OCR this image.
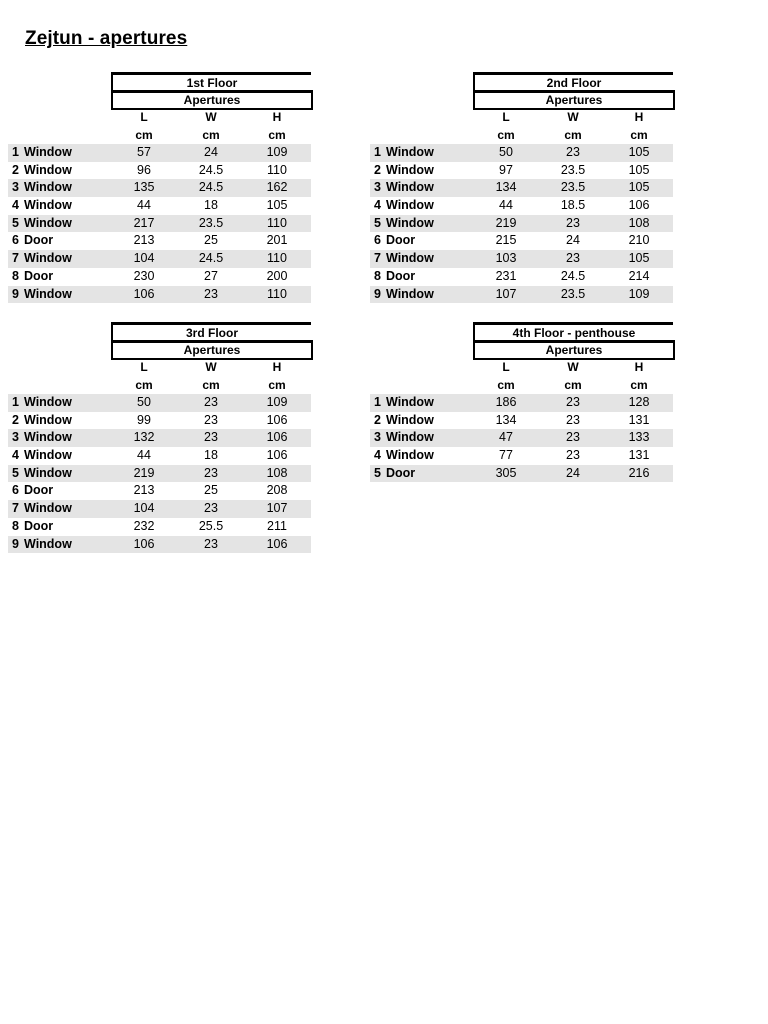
Zejtun - apertures
1st Floor
Apertures
L	W	H
cm	cm	cm
1 Window	57	24	109
2 Window	96	24.5	110
3 Window	135	24.5	162
4 Window	44	18	105
5 Window	217	23.5	110
6 Door	213	25	201
7 Window	104	24.5	110
8 Door	230	27	200
9 Window	106	23	110
2nd Floor
Apertures
L	W	H
cm	cm	cm
1 Window	50	23	105
2 Window	97	23.5	105
3 Window	134	23.5	105
4 Window	44	18.5	106
5 Window	219	23	108
6 Door	215	24	210
7 Window	103	23	105
8 Door	231	24.5	214
9 Window	107	23.5	109
3rd Floor
Apertures
L	W	H
cm	cm	cm
1 Window	50	23	109
2 Window	99	23	106
3 Window	132	23	106
4 Window	44	18	106
5 Window	219	23	108
6 Door	213	25	208
7 Window	104	23	107
8 Door	232	25.5	211
9 Window	106	23	106
4th Floor - penthouse
Apertures
L	W	H
cm	cm	cm
1 Window	186	23	128
2 Window	134	23	131
3 Window	47	23	133
4 Window	77	23	131
5 Door	305	24	216
